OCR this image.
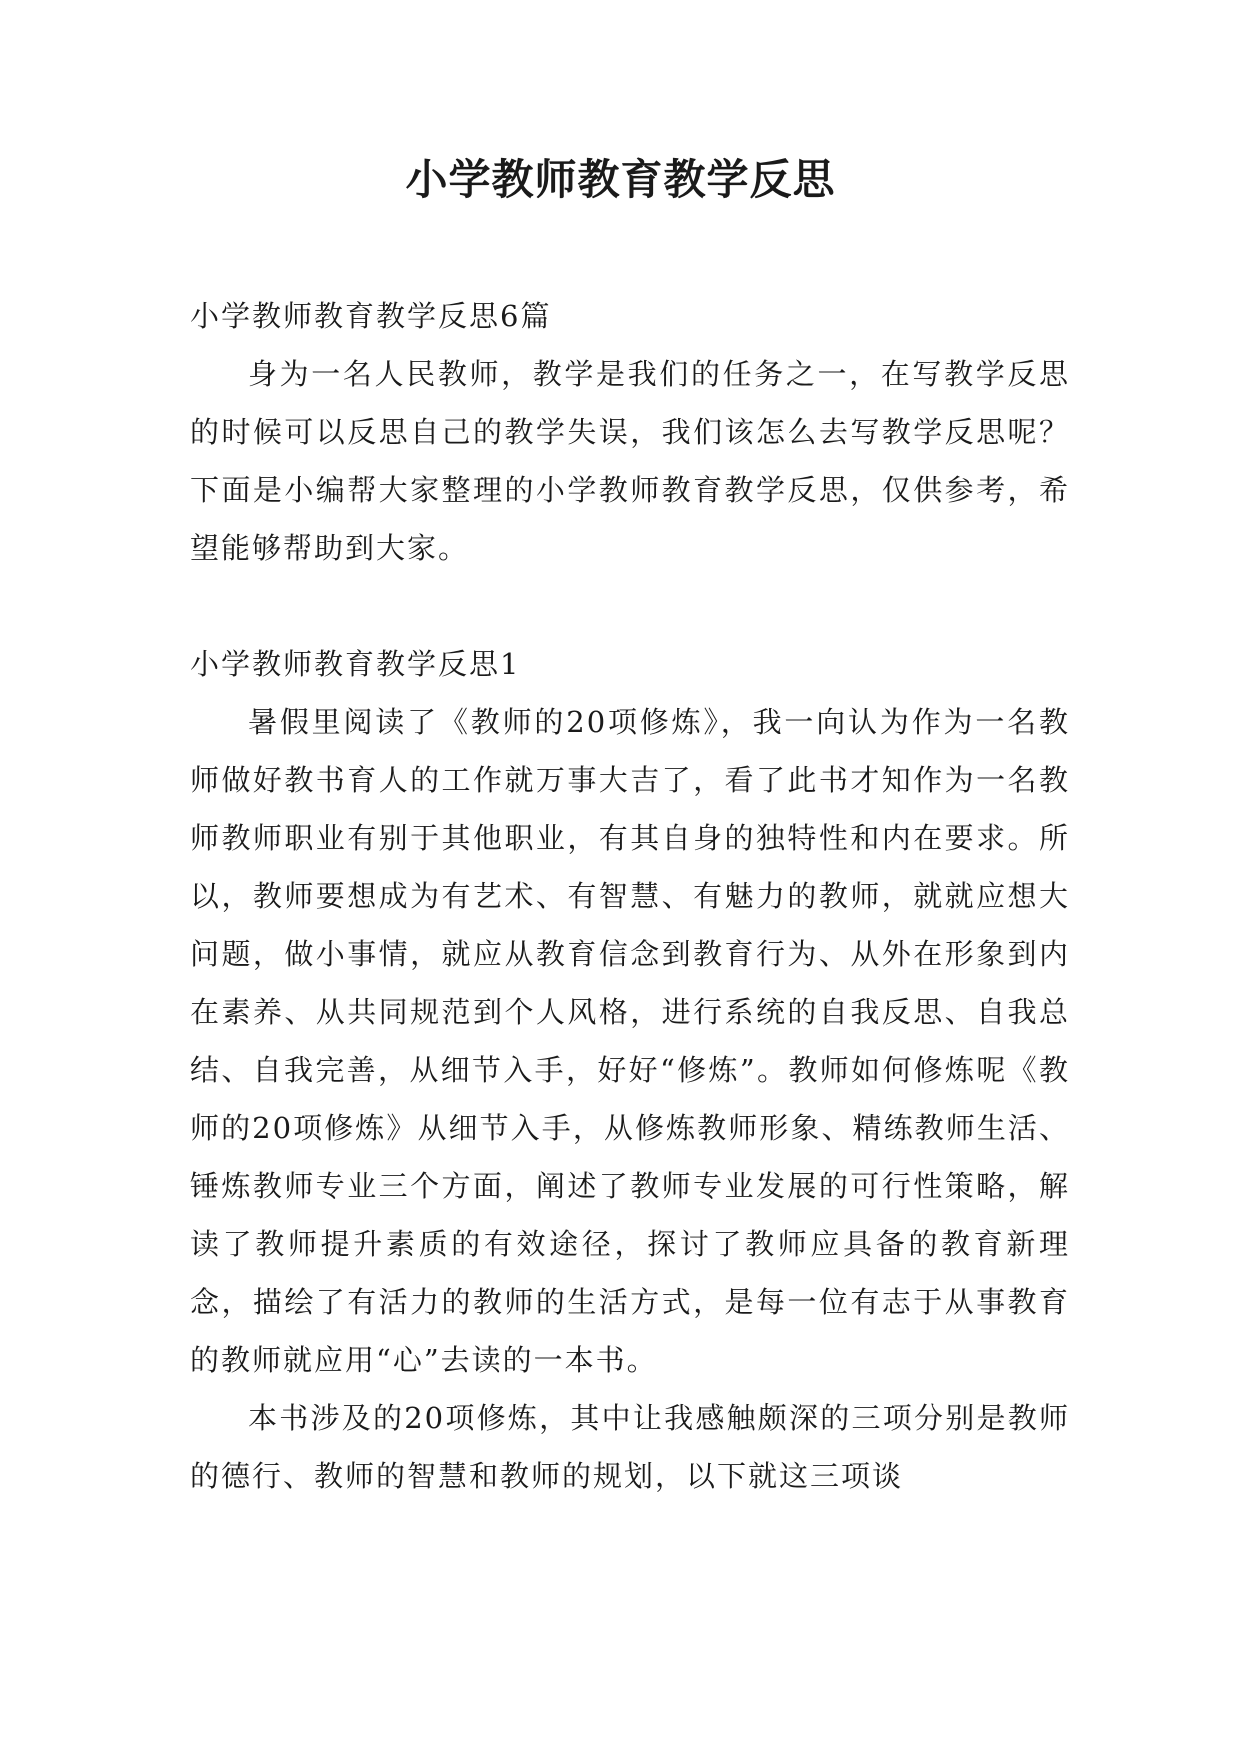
小学教师教育教学反思
小学教师教育教学反思6篇

身为一名人民教师，教学是我们的任务之一，在写教学反思的时候可以反思自己的教学失误，我们该怎么去写教学反思呢？下面是小编帮大家整理的小学教师教育教学反思，仅供参考，希望能够帮助到大家。

小学教师教育教学反思1

暑假里阅读了《教师的20项修炼》，我一向认为作为一名教师做好教书育人的工作就万事大吉了，看了此书才知作为一名教师教师职业有别于其他职业，有其自身的独特性和内在要求。所以，教师要想成为有艺术、有智慧、有魅力的教师，就就应想大问题，做小事情，就应从教育信念到教育行为、从外在形象到内在素养、从共同规范到个人风格，进行系统的自我反思、自我总结、自我完善，从细节入手，好好“修炼”。教师如何修炼呢《教师的20项修炼》从细节入手，从修炼教师形象、精练教师生活、锤炼教师专业三个方面，阐述了教师专业发展的可行性策略，解读了教师提升素质的有效途径，探讨了教师应具备的教育新理念，描绘了有活力的教师的生活方式，是每一位有志于从事教育的教师就应用“心”去读的一本书。

本书涉及的20项修炼，其中让我感触颇深的三项分别是教师的德行、教师的智慧和教师的规划，以下就这三项谈
